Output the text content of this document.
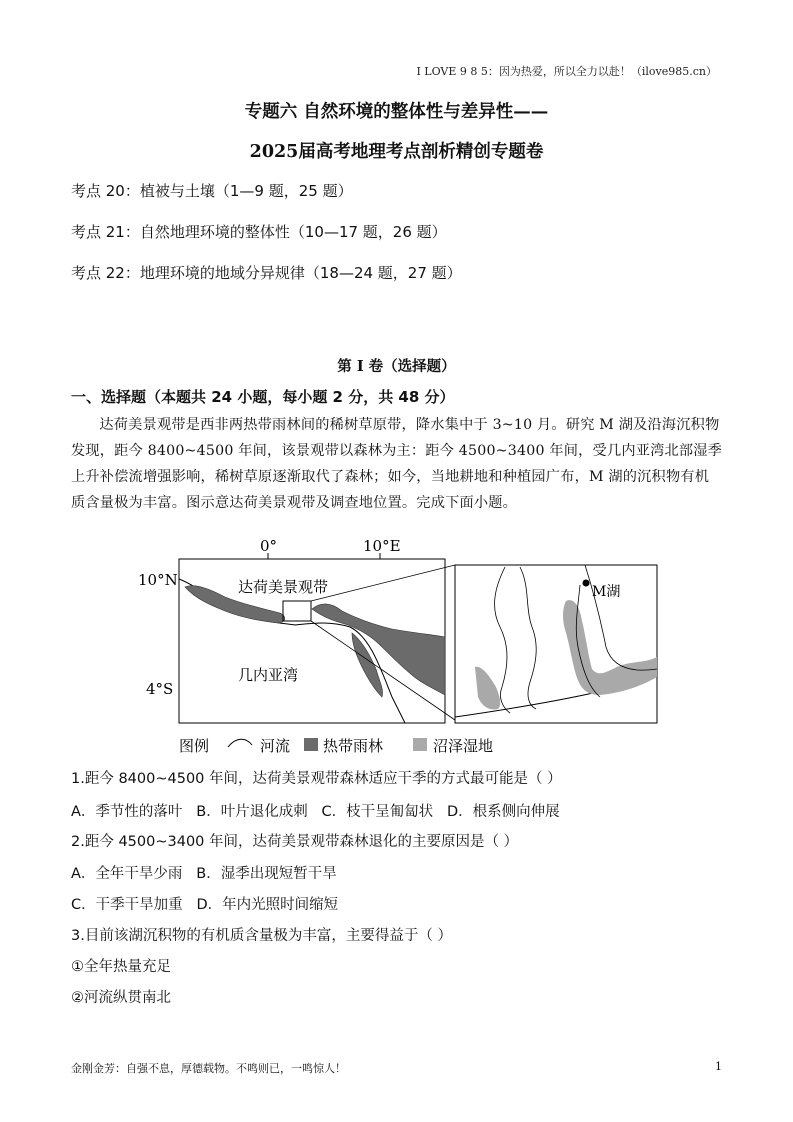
I LOVE 9 8 5：因为热爱，所以全力以赴！（ilove985.cn）
专题六 自然环境的整体性与差异性——
2025届高考地理考点剖析精创专题卷
考点 20：植被与土壤（1—9 题，25 题）
考点 21：自然地理环境的整体性（10—17 题，26 题）
考点 22：地理环境的地域分异规律（18—24 题，27 题）
第 I 卷（选择题）
一、选择题（本题共 24 小题，每小题 2 分，共 48 分）
达荷美景观带是西非两热带雨林间的稀树草原带，降水集中于 3~10 月。研究 M 湖及沿海沉积物发现，距今 8400~4500 年间，该景观带以森林为主：距今 4500~3400 年间，受几内亚湾北部湿季上升补偿流增强影响，稀树草原逐渐取代了森林；如今，当地耕地和种植园广布，M 湖的沉积物有机质含量极为丰富。图示意达荷美景观带及调查地位置。完成下面小题。
0°	10°E
10°N
4°S
达荷美景观带
几内亚湾
M湖
图例	河流 热带雨林	沼泽湿地
1.距今 8400~4500 年间，达荷美景观带森林适应干季的方式最可能是（ ）
A．季节性的落叶 B．叶片退化成刺 C．枝干呈匍匐状 D．根系侧向伸展
2.距今 4500~3400 年间，达荷美景观带森林退化的主要原因是（ ）
A．全年干旱少雨 B．湿季出现短暂干旱
C．干季干旱加重 D．年内光照时间缩短
3.目前该湖沉积物的有机质含量极为丰富，主要得益于（ ）
①全年热量充足
②河流纵贯南北
金刚金芳：自强不息，厚德载物。不鸣则已，一鸣惊人！	1
